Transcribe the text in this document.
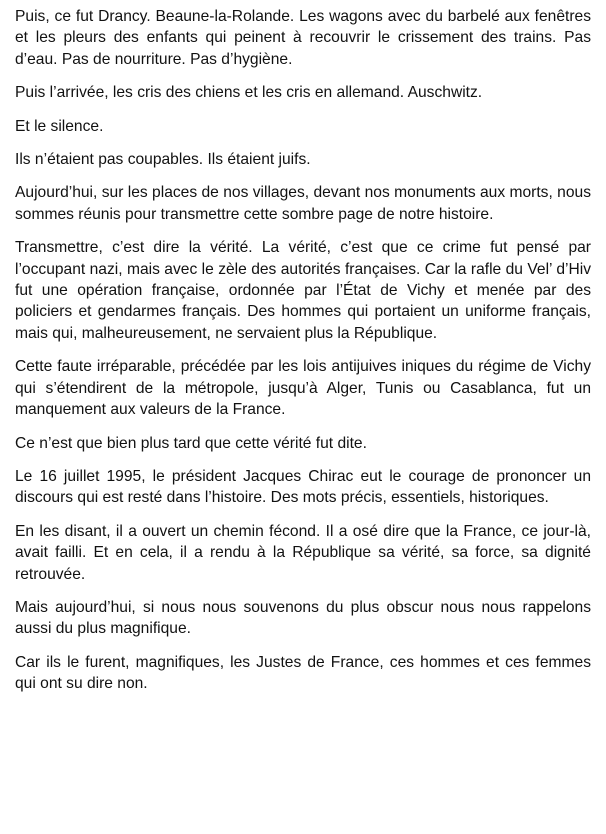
Puis, ce fut Drancy. Beaune-la-Rolande. Les wagons avec du barbelé aux fenêtres et les pleurs des enfants qui peinent à recouvrir le crissement des trains. Pas d’eau. Pas de nourriture. Pas d’hygiène.

Puis l’arrivée, les cris des chiens et les cris en allemand. Auschwitz.

Et le silence.

Ils n’étaient pas coupables. Ils étaient juifs.

Aujourd’hui, sur les places de nos villages, devant nos monuments aux morts, nous sommes réunis pour transmettre cette sombre page de notre histoire.

Transmettre, c’est dire la vérité. La vérité, c’est que ce crime fut pensé par l’occupant nazi, mais avec le zèle des autorités françaises. Car la rafle du Vel’ d’Hiv fut une opération française, ordonnée par l’État de Vichy et menée par des policiers et gendarmes français. Des hommes qui portaient un uniforme français, mais qui, malheureusement, ne servaient plus la République.

Cette faute irréparable, précédée par les lois antijuives iniques du régime de Vichy qui s’étendirent de la métropole, jusqu’à Alger, Tunis ou Casablanca, fut un manquement aux valeurs de la France.

Ce n’est que bien plus tard que cette vérité fut dite.

Le 16 juillet 1995, le président Jacques Chirac eut le courage de prononcer un discours qui est resté dans l’histoire. Des mots précis, essentiels, historiques.

En les disant, il a ouvert un chemin fécond. Il a osé dire que la France, ce jour-là, avait failli. Et en cela, il a rendu à la République sa vérité, sa force, sa dignité retrouvée.

Mais aujourd’hui, si nous nous souvenons du plus obscur nous nous rappelons aussi du plus magnifique.

Car ils le furent, magnifiques, les Justes de France, ces hommes et ces femmes qui ont su dire non.
